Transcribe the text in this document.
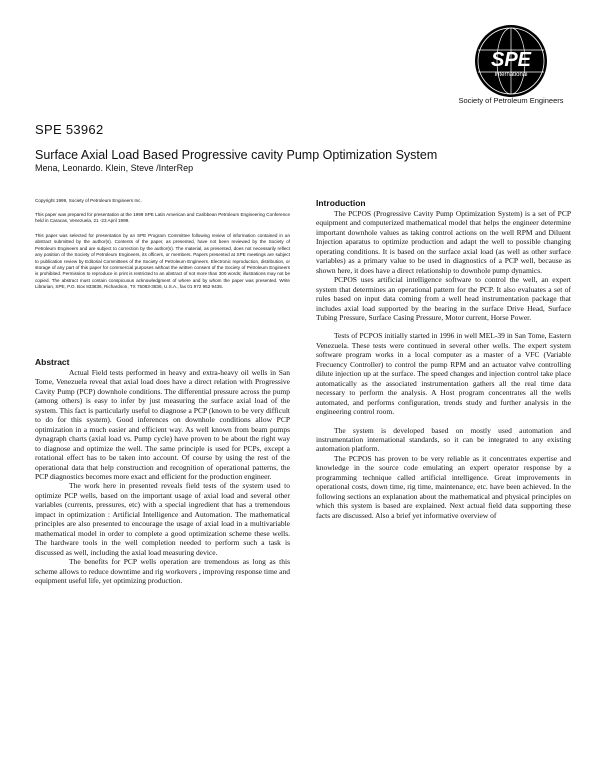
SPE
International
Society of Petroleum Engineers
SPE 53962
Surface Axial Load Based Progressive cavity Pump Optimization System
Mena, Leonardo. Klein, Steve /InterRep

Copyright 1999, Society of Petroleum Engineers Inc.

This paper was prepared for presentation at the 1999 SPE Latin American and Caribbean Petroleum Engineering Conference held in Caracas, Venezuela, 21 -23 April 1999.

This paper was selected for presentation by an SPE Program Committee following review of information contained in an abstract submitted by the author(s). Contents of the paper, as presented, have not been reviewed by the Society of Petroleum Engineers and are subject to correction by the author(s). The material, as presented, does not necessarily reflect any position of the Society of Petroleum Engineers, its officers, or members. Papers presented at SPE meetings are subject to publication review by Editorial Committees of the Society of Petroleum Engineers. Electronic reproduction, distribution, or storage of any part of this paper for commercial purposes without the written consent of the Society of Petroleum Engineers is prohibited. Permission to reproduce in print is restricted to an abstract of not more than 300 words; illustrations may not be copied. The abstract must contain conspicuous acknowledgment of where and by whom the paper was presented. Write Librarian, SPE, P.O. Box 833836, Richardson, TX 75083-3836, U.S.A., fax 01 972 952 9435.

Abstract

Actual Field tests performed in heavy and extra-heavy oil wells in San Tome, Venezuela reveal that axial load does have a direct relation with Progressive Cavity Pump (PCP) downhole conditions. The differential pressure across the pump (among others) is easy to infer by just measuring the surface axial load of the system. This fact is particularly useful to diagnose a PCP (known to be very difficult to do for this system). Good inferences on downhole conditions allow PCP optimization in a much easier and efficient way. As well known from beam pumps dynagraph charts (axial load vs. Pump cycle) have proven to be about the right way to diagnose and optimize the well. The same principle is used for PCPs, except a rotational effect has to be taken into account. Of course by using the rest of the operational data that help construction and recognition of operational patterns, the PCP diagnostics becomes more exact and efficient for the production engineer.

The work here in presented reveals field tests of the system used to optimize PCP wells, based on the important usage of axial load and several other variables (currents, pressures, etc) with a special ingredient that has a tremendous impact in optimization : Artificial Intelligence and Automation. The mathematical principles are also presented to encourage the usage of axial load in a multivariable mathematical model in order to complete a good optimization scheme these wells. The hardware tools in the well completion needed to perform such a task is discussed as well, including the axial load measuring device.

The benefits for PCP wells operation are tremendous as long as this scheme allows to reduce downtime and rig workovers , improving response time and equipment useful life, yet optimizing production.

Introduction

The PCPOS (Progressive Cavity Pump Optimization System) is a set of PCP equipment and computerized mathematical model that helps the engineer determine important downhole values as taking control actions on the well RPM and Diluent Injection aparatus to optimize production and adapt the well to possible changing operating conditions. It is based on the surface axial load (as well as other surface variables) as a primary value to be used in diagnostics of a PCP well, because as shown here, it does have a direct relationship to downhole pump dynamics.

PCPOS uses artificial intelligence software to control the well, an expert system that determines an operational pattern for the PCP. It also evaluates a set of rules based on input data coming from a well head instrumentation package that includes axial load supported by the bearing in the surface Drive Head, Surface Tubing Pressure, Surface Casing Pressure, Motor current, Horse Power.

Tests of PCPOS initially started in 1996 in well MEL-39 in San Tome, Eastern Venezuela. These tests were continued in several other wells. The expert system software program works in a local computer as a master of a VFC (Variable Frecuency Controller) to control the pump RPM and an actuator valve controlling dilute injection up at the surface. The speed changes and injection control take place automatically as the associated instrumentation gathers all the real time data necessary to perform the analysis. A Host program concentrates all the wells automated, and performs configuration, trends study and further analysis in the engineering control room.

The system is developed based on mostly used automation and instrumentation international standards, so it can be integrated to any existing automation platform.

The PCPOS has proven to be very reliable as it concentrates expertise and knowledge in the source code emulating an expert operator response by a programming technique called artificial intelligence. Great improvements in operational costs, down time, rig time, maintenance, etc. have been achieved. In the following sections an explanation about the mathematical and physical principles on which this system is based are explained. Next actual field data supporting these facts are discussed. Also a brief yet informative overview of
